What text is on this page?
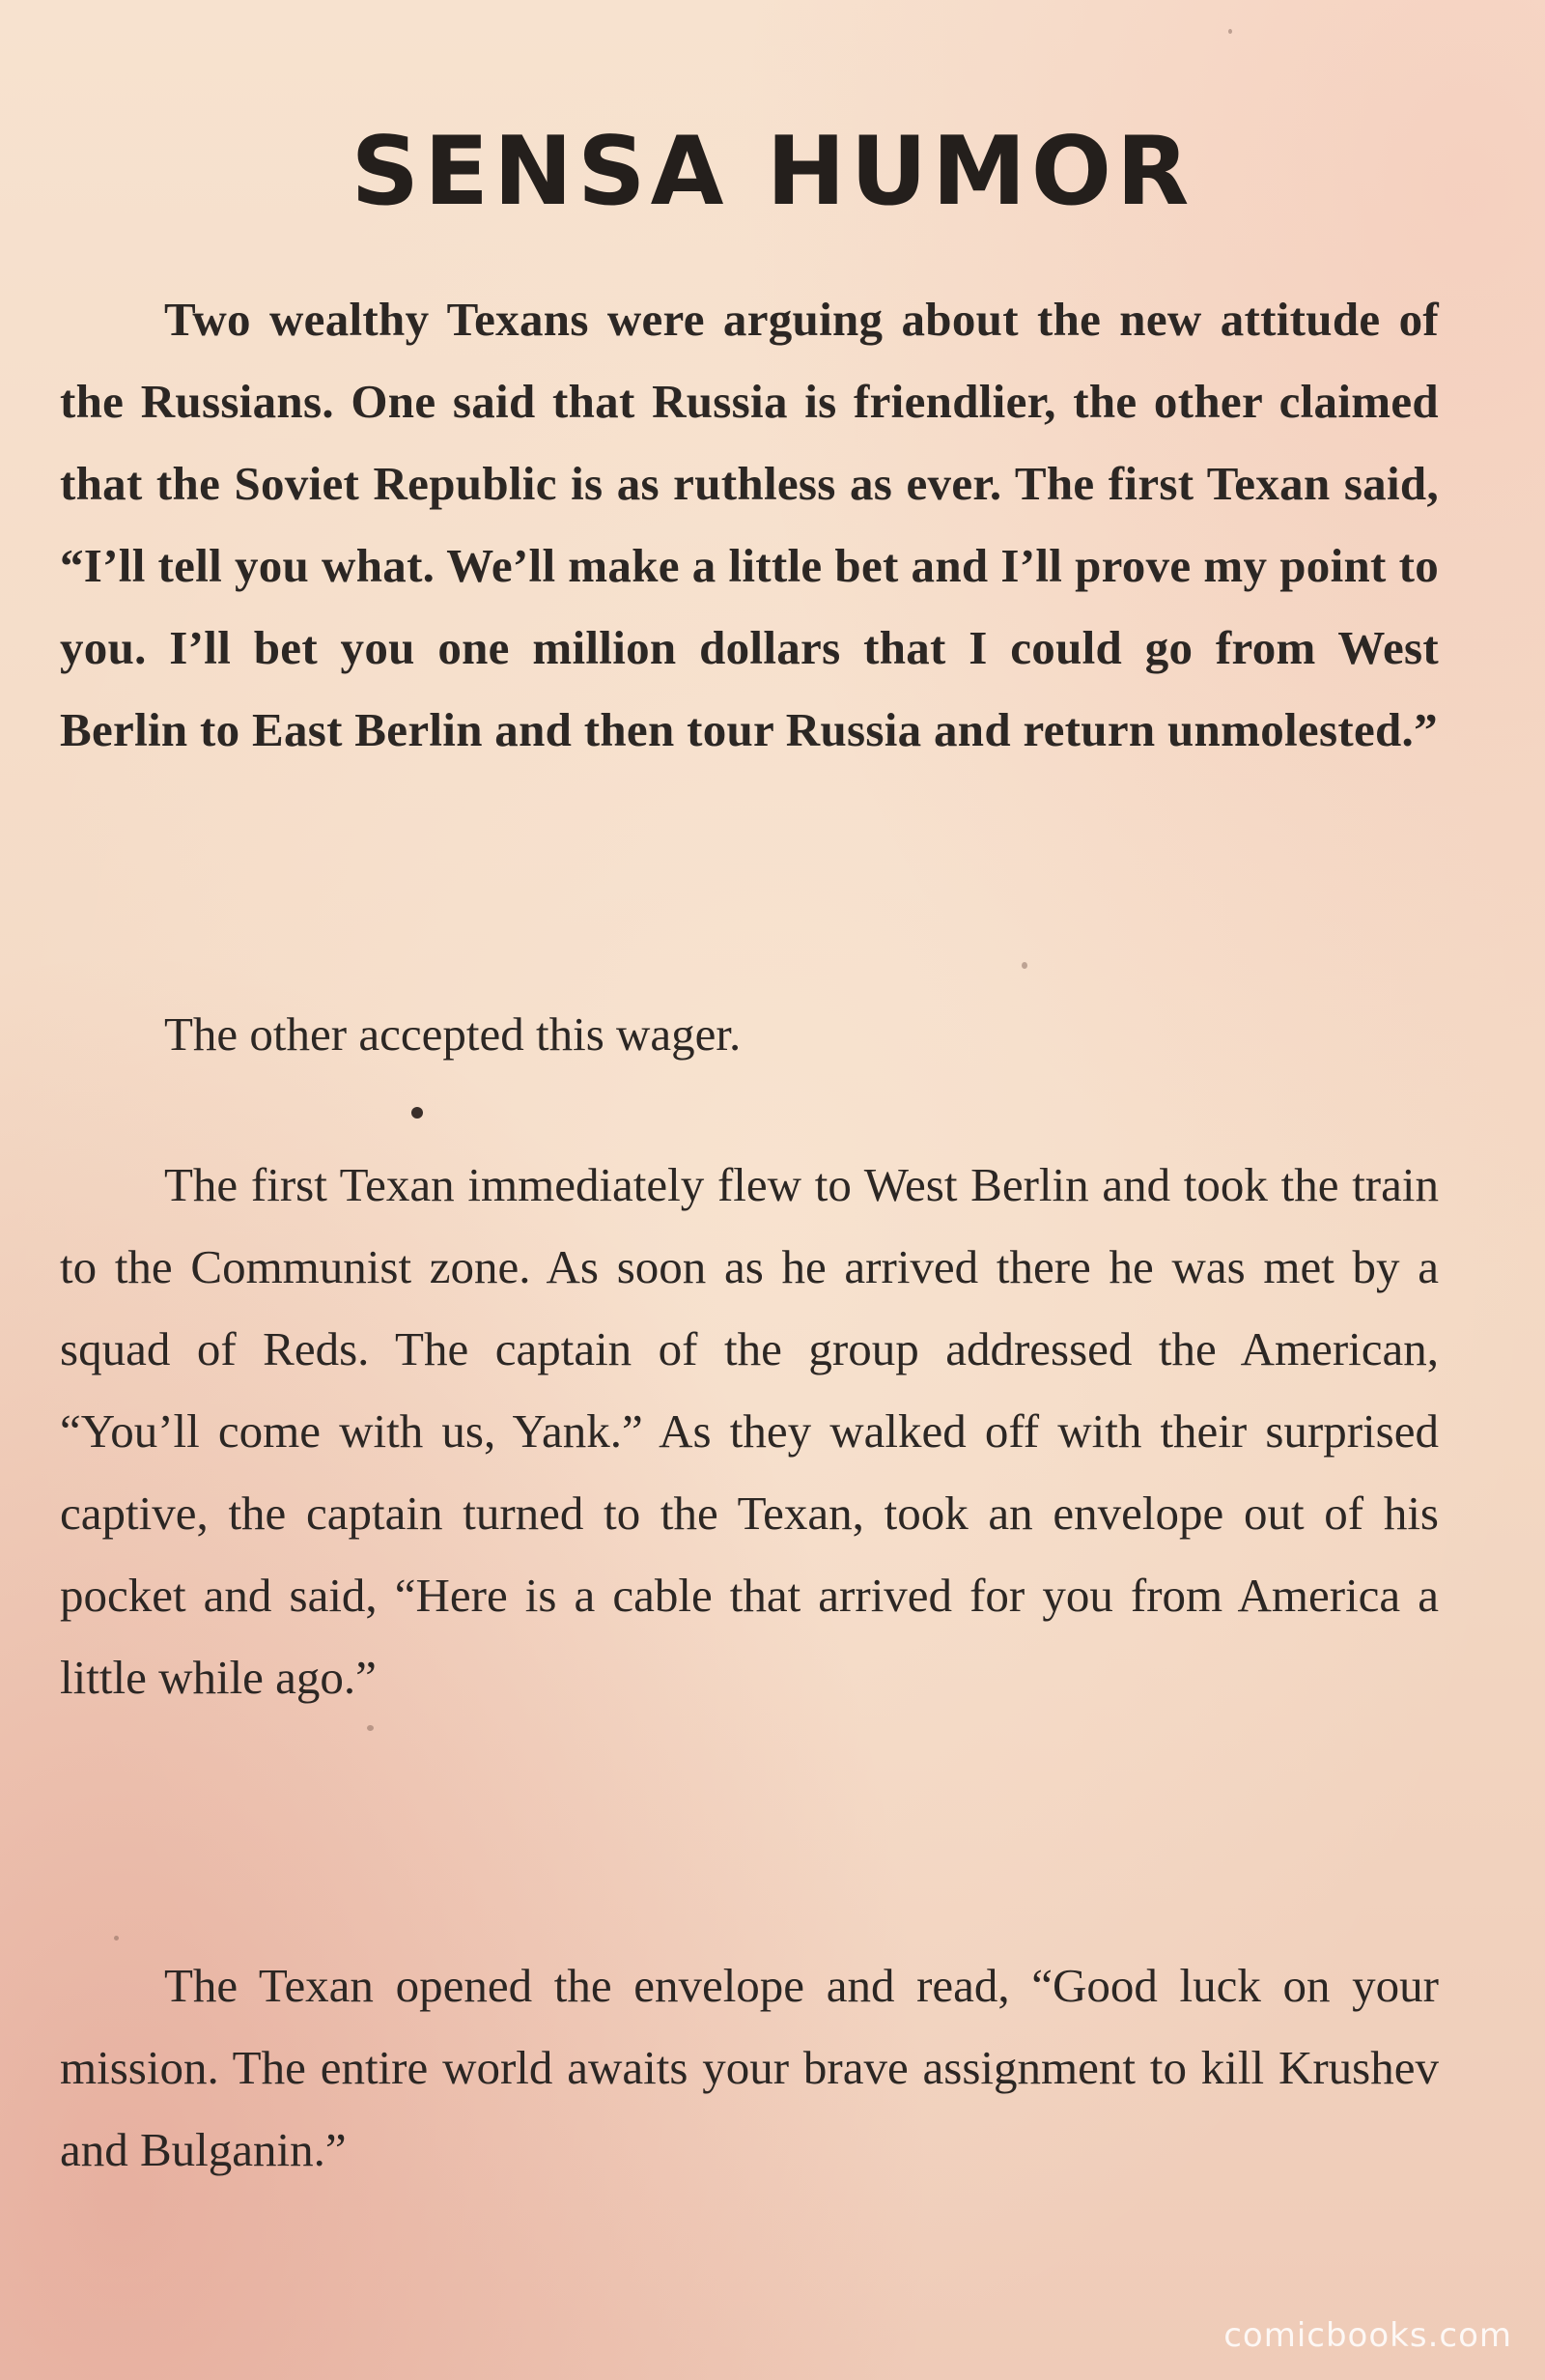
SENSA HUMOR

Two wealthy Texans were arguing about the new attitude of the Russians. One said that Russia is friendlier, the other claimed that the Soviet Republic is as ruthless as ever. The first Texan said, “I’ll tell you what. We’ll make a little bet and I’ll prove my point to you. I’ll bet you one million dollars that I could go from West Berlin to East Berlin and then tour Russia and return unmolested.”

The other accepted this wager.

The first Texan immediately flew to West Berlin and took the train to the Communist zone. As soon as he arrived there he was met by a squad of Reds. The captain of the group addressed the American, “You’ll come with us, Yank.” As they walked off with their surprised captive, the captain turned to the Texan, took an envelope out of his pocket and said, “Here is a cable that arrived for you from America a little while ago.”

The Texan opened the envelope and read, “Good luck on your mission. The entire world awaits your brave assignment to kill Krushev and Bulganin.”

comicbooks.com
